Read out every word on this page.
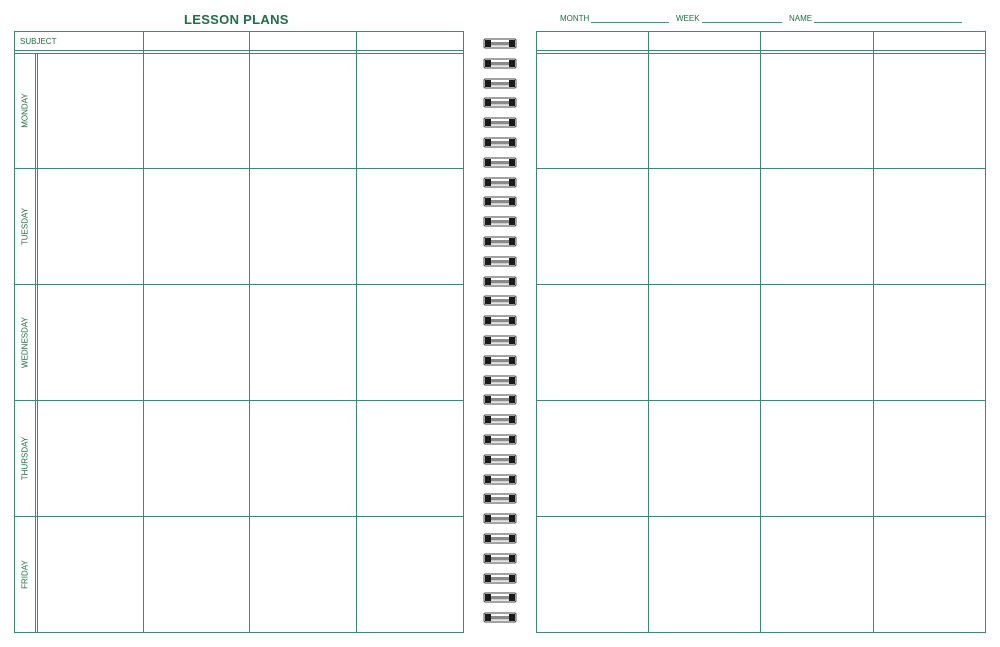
LESSON PLANS	MONTH	WEEK	NAME
SUBJECT
MONDAY
TUESDAY
WEDNESDAY
THURSDAY
FRIDAY
